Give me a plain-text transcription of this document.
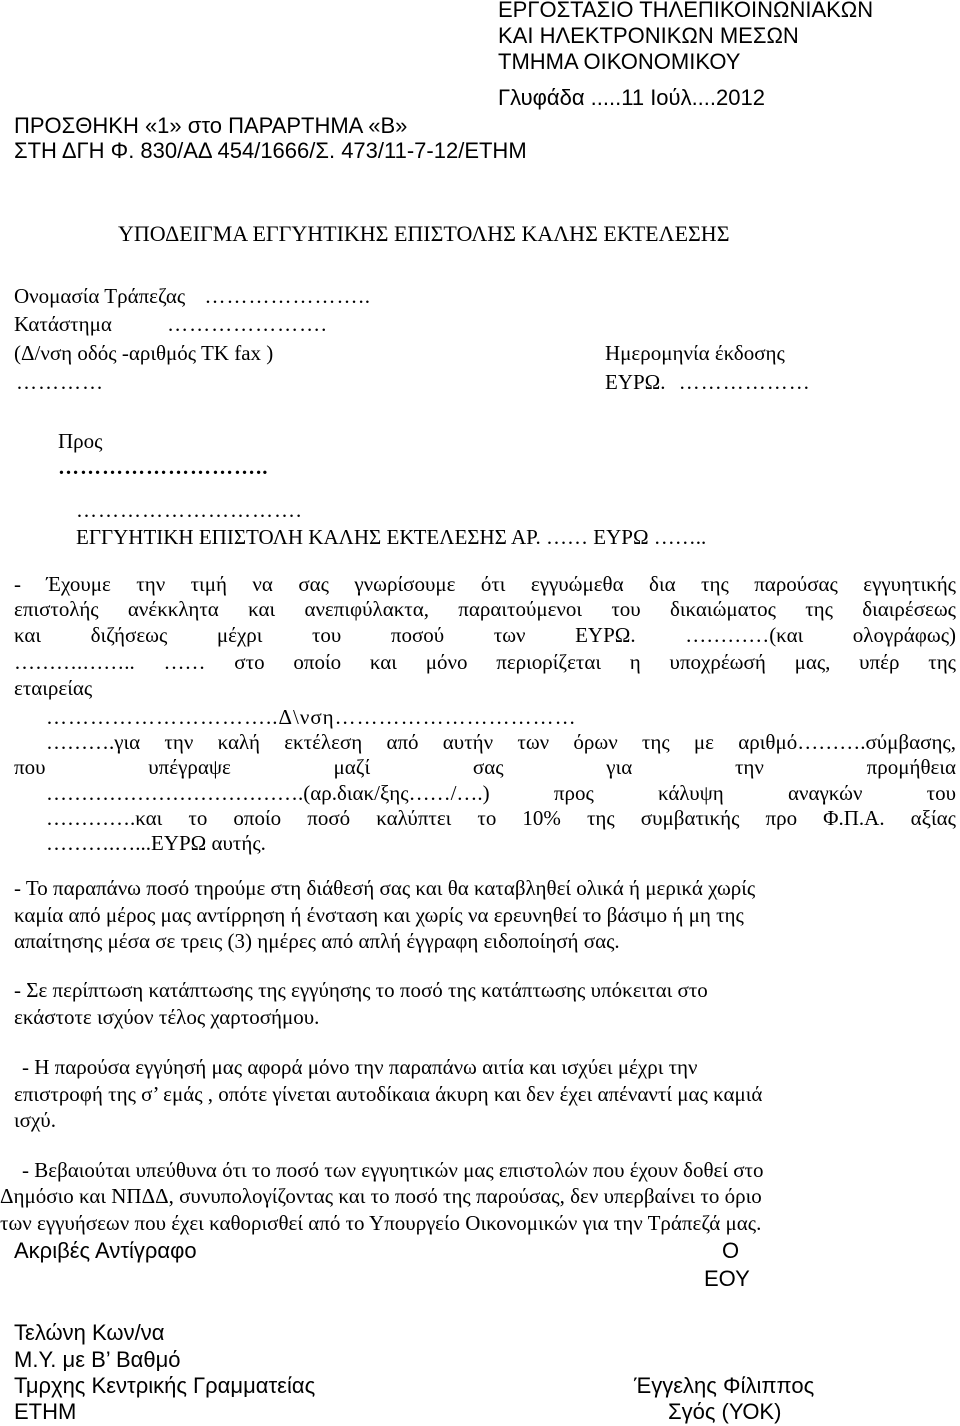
ΕΡΓΟΣΤΑΣΙΟ ΤΗΛΕΠΙΚΟΙΝΩΝΙΑΚΩΝ
ΚΑΙ ΗΛΕΚΤΡΟΝΙΚΩΝ ΜΕΣΩΝ
ΤΜΗΜΑ ΟΙΚΟΝΟΜΙΚΟΥ
Γλυφάδα .....11 Ιούλ....2012
ΠΡΟΣΘΗΚΗ «1» στο ΠΑΡΑΡΤΗΜΑ «Β»
ΣΤΗ ΔΓΗ Φ. 830/ΑΔ 454/1666/Σ. 473/11-7-12/ΕΤΗΜ
ΥΠΟΔΕΙΓΜΑ ΕΓΓΥΗΤΙΚΗΣ ΕΠΙΣΤΟΛΗΣ ΚΑΛΗΣ ΕΚΤΕΛΕΣΗΣ
Ονομασία Τράπεζας …………………..
Κατάστημα	………………….
(Δ/νση οδός -αριθμός ΤΚ fax )
…………
Ημερομηνία έκδοσης
ΕΥΡΩ. ………………
Προς
………………………..
………………………….
ΕΓΓΥΗΤΙΚΗ ΕΠΙΣΤΟΛΗ ΚΑΛΗΣ ΕΚΤΕΛΕΣΗΣ ΑΡ. …… ΕΥΡΩ ……..
- Έχουμε την τιμή να σας γνωρίσουμε ότι εγγυώμεθα δια της παρούσας εγγυητικής
επιστολής ανέκκλητα και ανεπιφύλακτα, παραιτούμενοι του δικαιώματος της διαιρέσεως
και διζήσεως μέχρι του ποσού των ΕΥΡΩ. …………(και ολογράφως)
……….…….. …… στο οποίο και μόνο περιορίζεται η υποχρέωσή μας, υπέρ της
εταιρείας
…………………………..Δ\νση……………………………
……….για την καλή εκτέλεση από αυτήν των όρων της με αριθμό……….σύμβασης,
που υπέγραψε μαζί σας για την προμήθεια
……………………………….(αρ.διακ/ξης……/….) προς κάλυψη αναγκών του
………….και το οποίο ποσό καλύπτει το 10% της συμβατικής προ Φ.Π.Α. αξίας
……….…...ΕΥΡΩ αυτής.
- Το παραπάνω ποσό τηρούμε στη διάθεσή σας και θα καταβληθεί ολικά ή μερικά χωρίς
καμία από μέρος μας αντίρρηση ή ένσταση και χωρίς να ερευνηθεί το βάσιμο ή μη της
απαίτησης μέσα σε τρεις (3) ημέρες από απλή έγγραφη ειδοποίησή σας.
- Σε περίπτωση κατάπτωσης της εγγύησης το ποσό της κατάπτωσης υπόκειται στο
εκάστοτε ισχύον τέλος χαρτοσήμου.
- Η παρούσα εγγύησή μας αφορά μόνο την παραπάνω αιτία και ισχύει μέχρι την
επιστροφή της σ’ εμάς , οπότε γίνεται αυτοδίκαια άκυρη και δεν έχει απέναντί μας καμιά
ισχύ.
- Βεβαιούται υπεύθυνα ότι το ποσό των εγγυητικών μας επιστολών που έχουν δοθεί στο
Δημόσιο και ΝΠΔΔ, συνυπολογίζοντας και το ποσό της παρούσας, δεν υπερβαίνει το όριο
των εγγυήσεων που έχει καθορισθεί από το Υπουργείο Οικονομικών για την Τράπεζά μας.
Ακριβές Αντίγραφο	Ο
ΕΟΥ
Τελώνη Κων/να
Μ.Υ. με Β’ Βαθμό
Τμρχης Κεντρικής Γραμματείας
ΕΤΗΜ
Έγγελης Φίλιππος
Σγός (ΥΟΚ)
